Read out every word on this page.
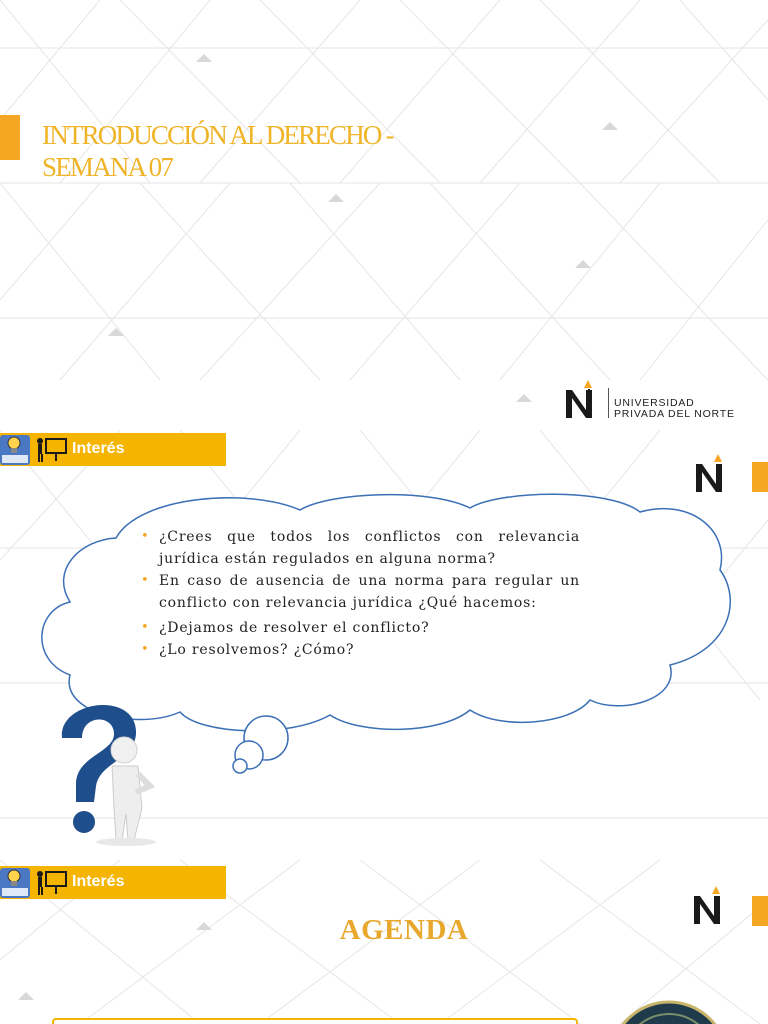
INTRODUCCIÓN AL DERECHO -
SEMANA 07
UNIVERSIDAD
PRIVADA DEL NORTE
Interés
• ¿Crees que todos los conflictos con relevancia jurídica están regulados en alguna norma?
• En caso de ausencia de una norma para regular un conflicto con relevancia jurídica ¿Qué hacemos:
• ¿Dejamos de resolver el conflicto?
• ¿Lo resolvemos? ¿Cómo?
Interés
AGENDA
